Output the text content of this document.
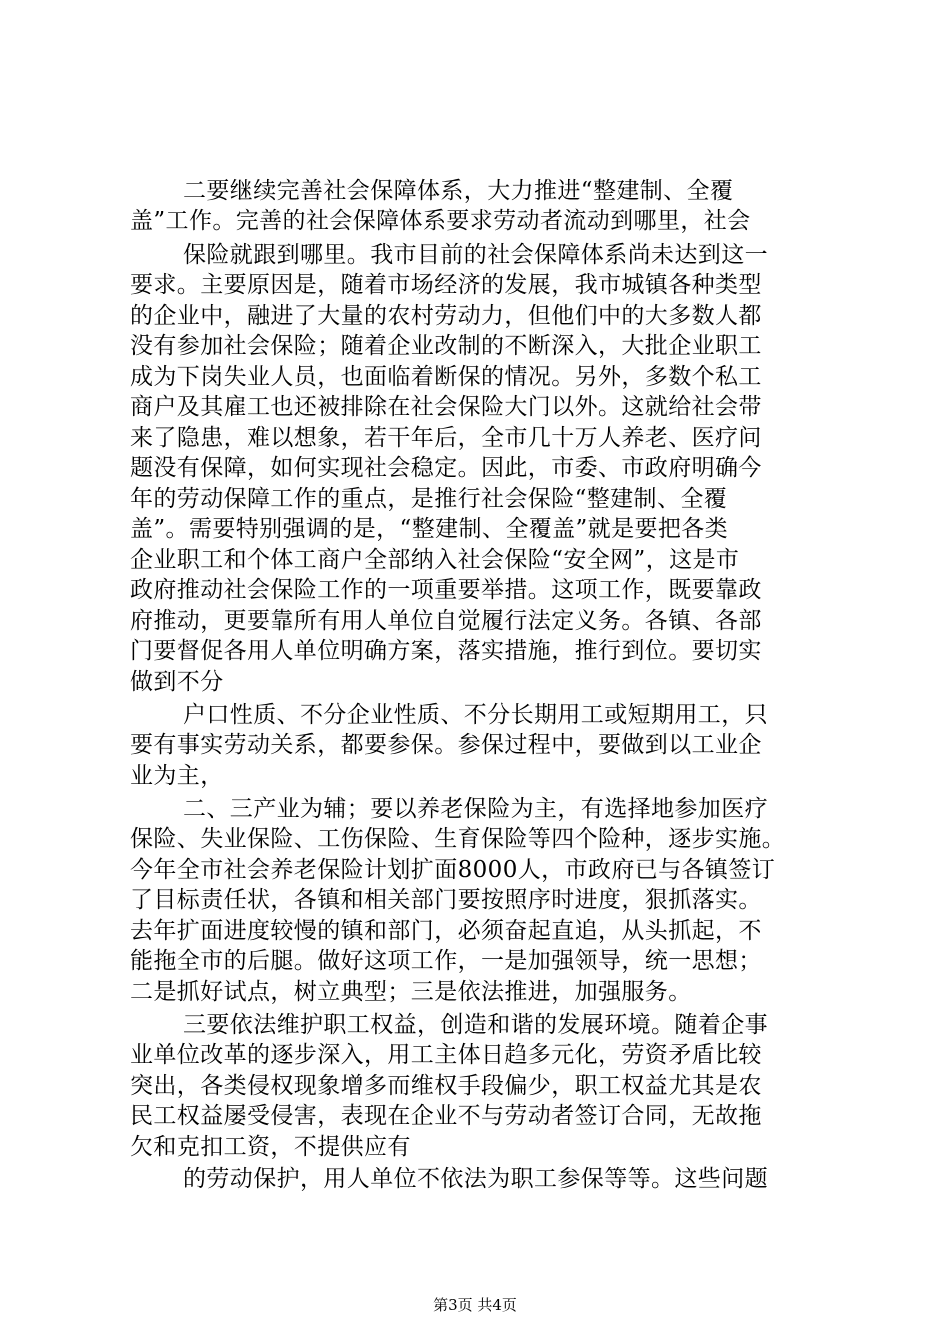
二要继续完善社会保障体系，大力推进“整建制、全覆
盖”工作。完善的社会保障体系要求劳动者流动到哪里，社会
保险就跟到哪里。我市目前的社会保障体系尚未达到这一
要求。主要原因是，随着市场经济的发展，我市城镇各种类型
的企业中，融进了大量的农村劳动力，但他们中的大多数人都
没有参加社会保险；随着企业改制的不断深入，大批企业职工
成为下岗失业人员，也面临着断保的情况。另外，多数个私工
商户及其雇工也还被排除在社会保险大门以外。这就给社会带
来了隐患，难以想象，若干年后，全市几十万人养老、医疗问
题没有保障，如何实现社会稳定。因此，市委、市政府明确今
年的劳动保障工作的重点，是推行社会保险“整建制、全覆
盖”。需要特别强调的是，“整建制、全覆盖”就是要把各类
企业职工和个体工商户全部纳入社会保险“安全网”，这是市
政府推动社会保险工作的一项重要举措。这项工作，既要靠政
府推动，更要靠所有用人单位自觉履行法定义务。各镇、各部
门要督促各用人单位明确方案，落实措施，推行到位。要切实
做到不分
户口性质、不分企业性质、不分长期用工或短期用工，只
要有事实劳动关系，都要参保。参保过程中，要做到以工业企
业为主，
二、三产业为辅；要以养老保险为主，有选择地参加医疗
保险、失业保险、工伤保险、生育保险等四个险种，逐步实施。
今年全市社会养老保险计划扩面8000人，市政府已与各镇签订
了目标责任状，各镇和相关部门要按照序时进度，狠抓落实。
去年扩面进度较慢的镇和部门，必须奋起直追，从头抓起，不
能拖全市的后腿。做好这项工作，一是加强领导，统一思想；
二是抓好试点，树立典型；三是依法推进，加强服务。
三要依法维护职工权益，创造和谐的发展环境。随着企事
业单位改革的逐步深入，用工主体日趋多元化，劳资矛盾比较
突出，各类侵权现象增多而维权手段偏少，职工权益尤其是农
民工权益屡受侵害，表现在企业不与劳动者签订合同，无故拖
欠和克扣工资，不提供应有
的劳动保护，用人单位不依法为职工参保等等。这些问题
第3页 共4页
